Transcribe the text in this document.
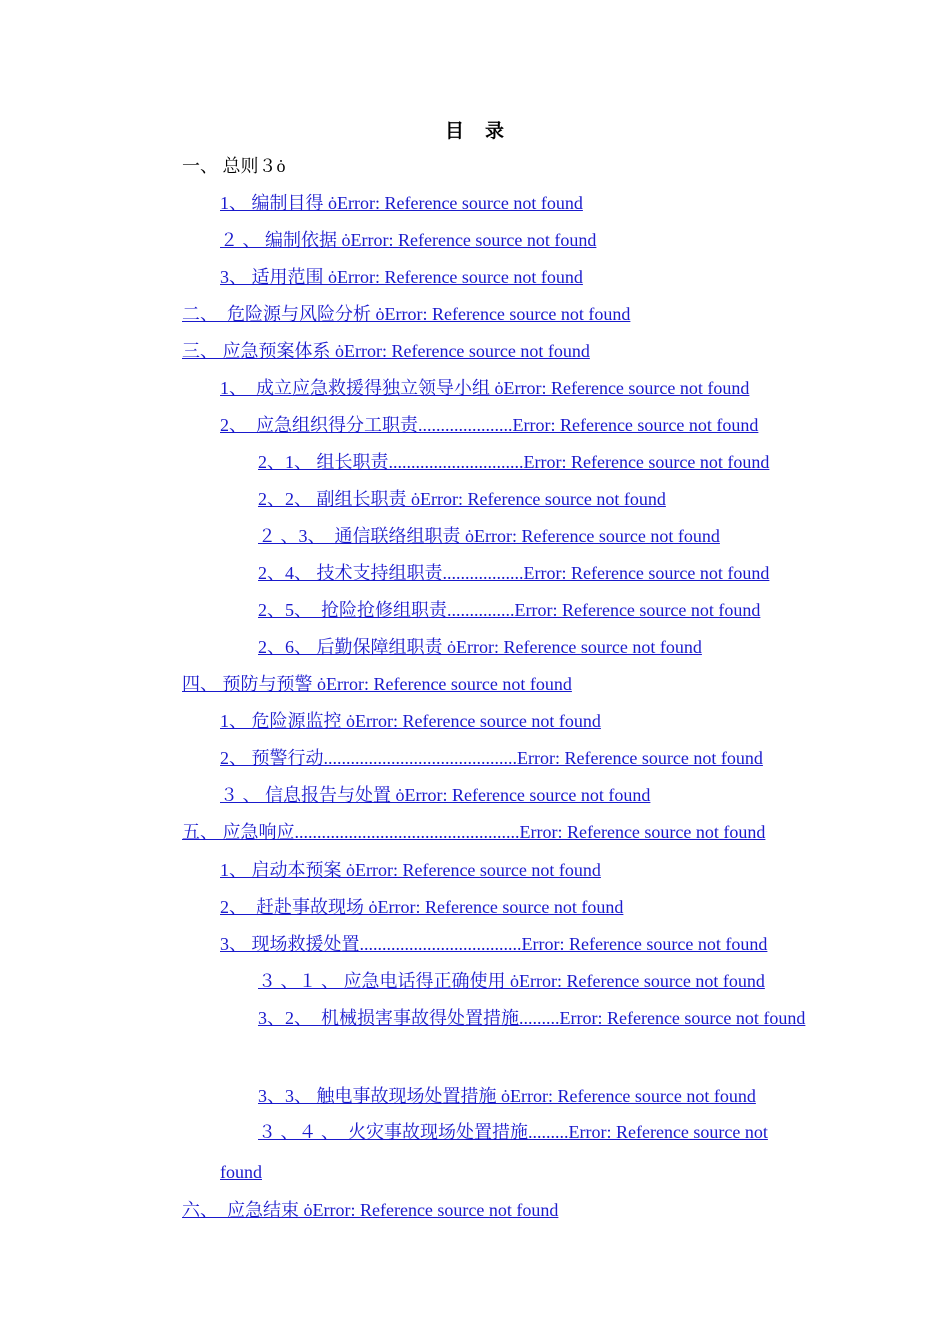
目　录
一、 总则３ȯ
1、 编制目得 ȯError: Reference source not found
２ 、 编制依据 ȯError: Reference source not found
3、 适用范围 ȯError: Reference source not found
二、　危险源与风险分析 ȯError: Reference source not found
三、 应急预案体系 ȯError: Reference source not found
1、　成立应急救援得独立领导小组 ȯError: Reference source not found
2、　应急组织得分工职责.....................Error: Reference source not found
2、1、 组长职责..............................Error: Reference source not found
2、2、 副组长职责 ȯError: Reference source not found
２ 、3、　通信联络组职责 ȯError: Reference source not found
2、4、 技术支持组职责..................Error: Reference source not found
2、5、　抢险抢修组职责...............Error: Reference source not found
2、6、 后勤保障组职责 ȯError: Reference source not found
四、 预防与预警 ȯError: Reference source not found
1、 危险源监控 ȯError: Reference source not found
2、 预警行动...........................................Error: Reference source not found
３ 、 信息报告与处置 ȯError: Reference source not found
五、 应急响应..................................................Error: Reference source not found
1、 启动本预案 ȯError: Reference source not found
2、　赶赴事故现场 ȯError: Reference source not found
3、 现场救援处置....................................Error: Reference source not found
３ 、１ 、 应急电话得正确使用 ȯError: Reference source not found
3、2、　机械损害事故得处置措施.........Error: Reference source not found
3、3、 触电事故现场处置措施 ȯError: Reference source not found
３ 、４ 、　火灾事故现场处置措施.........Error: Reference source not found
六、　应急结束 ȯError: Reference source not found
